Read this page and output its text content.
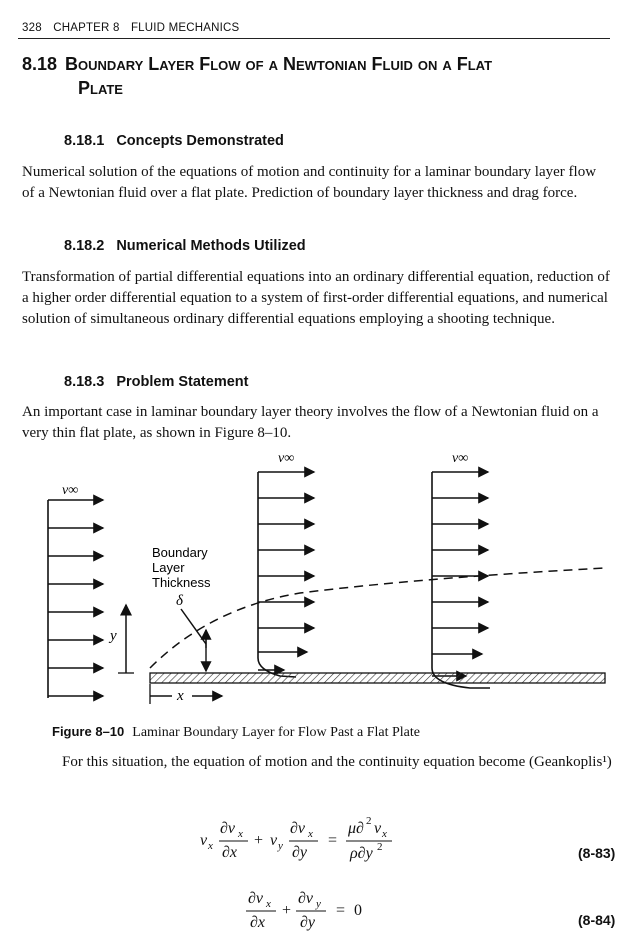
328 CHAPTER 8 FLUID MECHANICS
8.18 Boundary Layer Flow of a Newtonian Fluid on a Flat
Plate
8.18.1 Concepts Demonstrated
Numerical solution of the equations of motion and continuity for a laminar boundary layer flow of a Newtonian fluid over a flat plate. Prediction of boundary layer thickness and drag force.
8.18.2 Numerical Methods Utilized
Transformation of partial differential equations into an ordinary differential equation, reduction of a higher order differential equation to a system of first-order differential equations, and numerical solution of simultaneous ordinary differential equations employing a shooting technique.
8.18.3 Problem Statement
An important case in laminar boundary layer theory involves the flow of a Newtonian fluid on a very thin flat plate, as shown in Figure 8–10.
v∞
v∞	v∞
Boundary
Layer
Thickness
δ
y
x
Figure 8–10 Laminar Boundary Layer for Flow Past a Flat Plate
For this situation, the equation of motion and the continuity equation become (Geankoplis¹)
v x
∂v x
∂x
+ v y
∂v x
∂y
=
μ∂ 2 v x
ρ∂y 2	(8-83)
∂v x
∂x
+
∂v y
∂y
= 0
(8-84)
